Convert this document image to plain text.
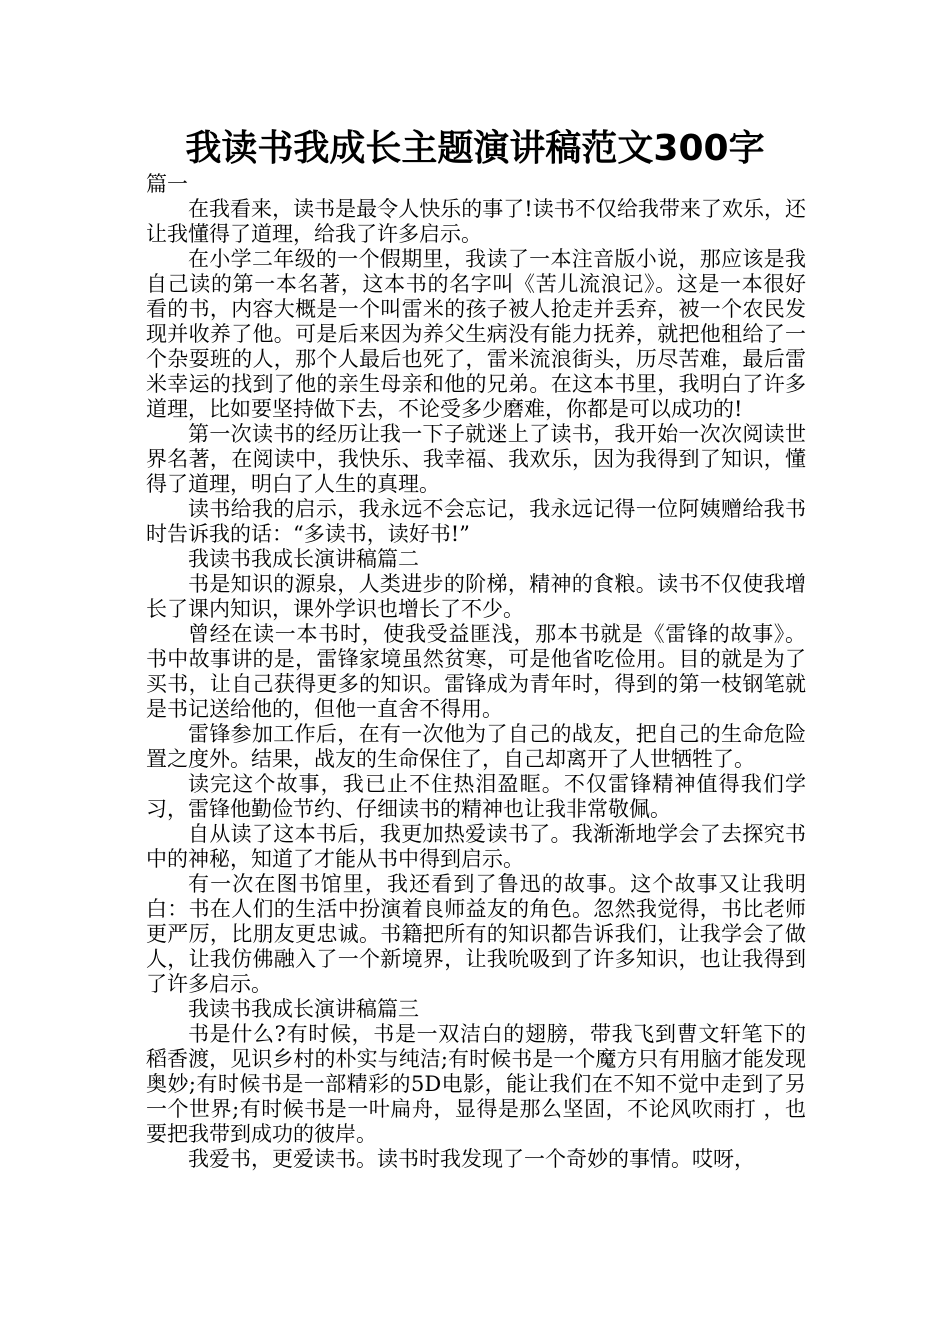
我读书我成长主题演讲稿范文300字

篇一

在我看来，读书是最令人快乐的事了!读书不仅给我带来了欢乐，还让我懂得了道理，给我了许多启示。

在小学二年级的一个假期里，我读了一本注音版小说，那应该是我自己读的第一本名著，这本书的名字叫《苦儿流浪记》。这是一本很好看的书，内容大概是一个叫雷米的孩子被人抢走并丢弃，被一个农民发现并收养了他。可是后来因为养父生病没有能力抚养，就把他租给了一个杂耍班的人，那个人最后也死了，雷米流浪街头，历尽苦难，最后雷米幸运的找到了他的亲生母亲和他的兄弟。在这本书里，我明白了许多道理，比如要坚持做下去，不论受多少磨难，你都是可以成功的!

第一次读书的经历让我一下子就迷上了读书，我开始一次次阅读世界名著，在阅读中，我快乐、我幸福、我欢乐，因为我得到了知识，懂得了道理，明白了人生的真理。

读书给我的启示，我永远不会忘记，我永远记得一位阿姨赠给我书时告诉我的话：“多读书，读好书!”

我读书我成长演讲稿篇二

书是知识的源泉，人类进步的阶梯，精神的食粮。读书不仅使我增长了课内知识，课外学识也增长了不少。

曾经在读一本书时，使我受益匪浅，那本书就是《雷锋的故事》。书中故事讲的是，雷锋家境虽然贫寒，可是他省吃俭用。目的就是为了买书，让自己获得更多的知识。雷锋成为青年时，得到的第一枝钢笔就是书记送给他的，但他一直舍不得用。

雷锋参加工作后，在有一次他为了自己的战友，把自己的生命危险置之度外。结果，战友的生命保住了，自己却离开了人世牺牲了。

读完这个故事，我已止不住热泪盈眶。不仅雷锋精神值得我们学习，雷锋他勤俭节约、仔细读书的精神也让我非常敬佩。

自从读了这本书后，我更加热爱读书了。我渐渐地学会了去探究书中的神秘，知道了才能从书中得到启示。

有一次在图书馆里，我还看到了鲁迅的故事。这个故事又让我明白：书在人们的生活中扮演着良师益友的角色。忽然我觉得，书比老师更严厉，比朋友更忠诚。书籍把所有的知识都告诉我们，让我学会了做人，让我仿佛融入了一个新境界，让我吮吸到了许多知识，也让我得到了许多启示。

我读书我成长演讲稿篇三

书是什么?有时候，书是一双洁白的翅膀，带我飞到曹文轩笔下的稻香渡，见识乡村的朴实与纯洁;有时候书是一个魔方只有用脑才能发现奥妙;有时候书是一部精彩的5D电影，能让我们在不知不觉中走到了另一个世界;有时候书是一叶扁舟，显得是那么坚固，不论风吹雨打 ，也要把我带到成功的彼岸。

我爱书，更爱读书。读书时我发现了一个奇妙的事情。哎呀，
